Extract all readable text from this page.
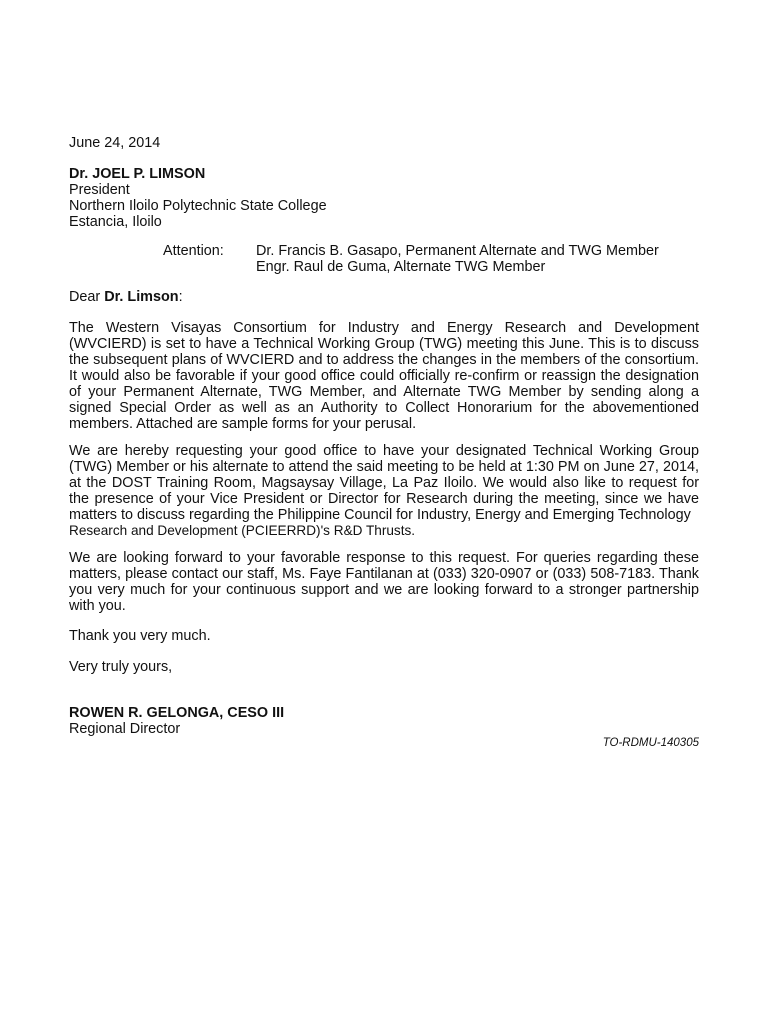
June 24, 2014
Dr. JOEL P. LIMSON
President
Northern Iloilo Polytechnic State College
Estancia, Iloilo
Attention: Dr. Francis B. Gasapo, Permanent Alternate and TWG Member
Engr. Raul de Guma, Alternate TWG Member
Dear Dr. Limson:
The Western Visayas Consortium for Industry and Energy Research and Development (WVCIERD) is set to have a Technical Working Group (TWG) meeting this June. This is to discuss the subsequent plans of WVCIERD and to address the changes in the members of the consortium. It would also be favorable if your good office could officially re-confirm or reassign the designation of your Permanent Alternate, TWG Member, and Alternate TWG Member by sending along a signed Special Order as well as an Authority to Collect Honorarium for the abovementioned members. Attached are sample forms for your perusal.
We are hereby requesting your good office to have your designated Technical Working Group (TWG) Member or his alternate to attend the said meeting to be held at 1:30 PM on June 27, 2014, at the DOST Training Room, Magsaysay Village, La Paz Iloilo. We would also like to request for the presence of your Vice President or Director for Research during the meeting, since we have matters to discuss regarding the Philippine Council for Industry, Energy and Emerging Technology
Research and Development (PCIEERRD)'s R&D Thrusts.
We are looking forward to your favorable response to this request. For queries regarding these matters, please contact our staff, Ms. Faye Fantilanan at (033) 320-0907 or (033) 508-7183. Thank you very much for your continuous support and we are looking forward to a stronger partnership with you.
Thank you very much.
Very truly yours,
ROWEN R. GELONGA, CESO III
Regional Director
TO-RDMU-140305
